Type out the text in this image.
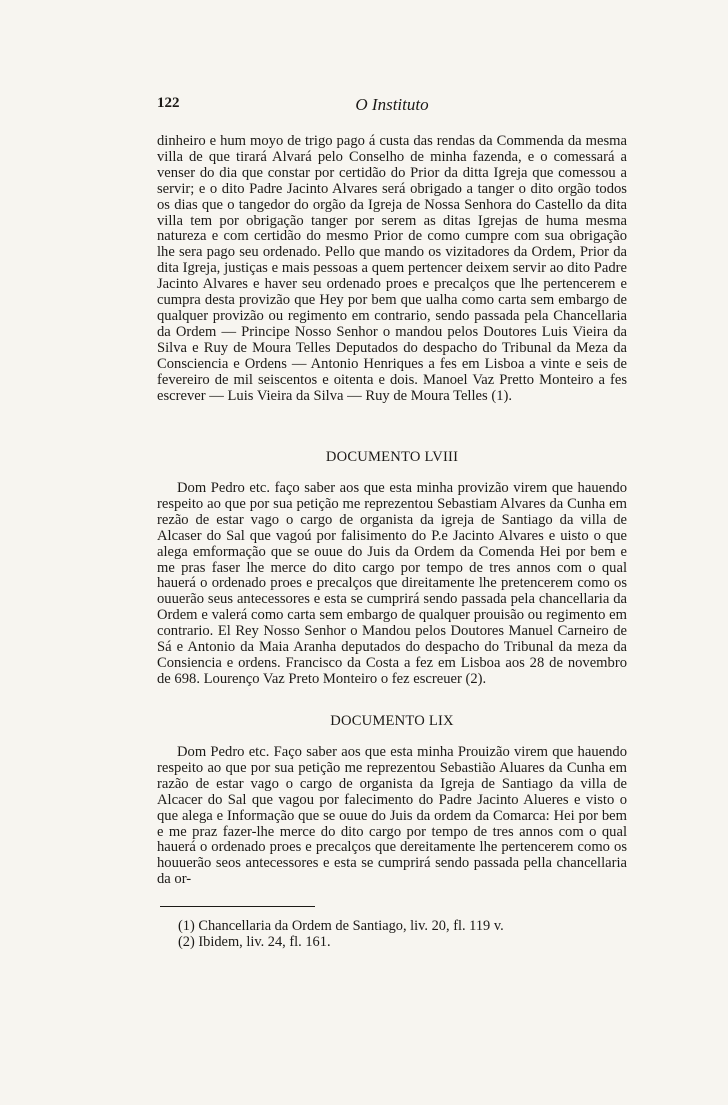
122	O Instituto

dinheiro e hum moyo de trigo pago á custa das rendas da Commenda da mesma villa de que tirará Alvará pelo Conselho de minha fazenda, e o comessará a venser do dia que constar por certidão do Prior da ditta Igreja que comessou a servir; e o dito Padre Jacinto Alvares será obrigado a tanger o dito orgão todos os dias que o tangedor do orgão da Igreja de Nossa Senhora do Castello da dita villa tem por obrigação tanger por serem as ditas Igrejas de huma mesma natureza e com certidão do mesmo Prior de como cumpre com sua obrigação lhe sera pago seu ordenado. Pello que mando os vizitadores da Ordem, Prior da dita Igreja, justiças e mais pessoas a quem pertencer deixem servir ao dito Padre Jacinto Alvares e haver seu ordenado proes e precalços que lhe pertencerem e cumpra desta provizão que Hey por bem que ualha como carta sem embargo de qualquer provizão ou regimento em contrario, sendo passada pela Chancellaria da Ordem — Principe Nosso Senhor o mandou pelos Doutores Luis Vieira da Silva e Ruy de Moura Telles Deputados do despacho do Tribunal da Meza da Consciencia e Ordens — Antonio Henriques a fes em Lisboa a vinte e seis de fevereiro de mil seiscentos e oitenta e dois. Manoel Vaz Pretto Monteiro a fes escrever — Luis Vieira da Silva — Ruy de Moura Telles (1).

DOCUMENTO LVIII

Dom Pedro etc. faço saber aos que esta minha provizão virem que hauendo respeito ao que por sua petição me reprezentou Sebastiam Alvares da Cunha em rezão de estar vago o cargo de organista da igreja de Santiago da villa de Alcaser do Sal que vagoú por falisimento do P.e Jacinto Alvares e uisto o que alega emformação que se ouue do Juis da Ordem da Comenda Hei por bem e me pras faser lhe merce do dito cargo por tempo de tres annos com o qual hauerá o ordenado proes e precalços que direitamente lhe pretencerem como os ouuerão seus antecessores e esta se cumprirá sendo passada pela chancellaria da Ordem e valerá como carta sem embargo de qualquer prouisão ou regimento em contrario. El Rey Nosso Senhor o Mandou pelos Doutores Manuel Carneiro de Sá e Antonio da Maia Aranha deputados do despacho do Tribunal da meza da Consiencia e ordens. Francisco da Costa a fez em Lisboa aos 28 de novembro de 698. Lourenço Vaz Preto Monteiro o fez escreuer (2).

DOCUMENTO LIX

Dom Pedro etc. Faço saber aos que esta minha Prouizão virem que hauendo respeito ao que por sua petição me reprezentou Sebastião Aluares da Cunha em razão de estar vago o cargo de organista da Igreja de Santiago da villa de Alcacer do Sal que vagou por falecimento do Padre Jacinto Alueres e visto o que alega e Informação que se ouue do Juis da ordem da Comarca: Hei por bem e me praz fazer-lhe merce do dito cargo por tempo de tres annos com o qual hauerá o ordenado proes e precalços que dereitamente lhe pertencerem como os houuerão seos antecessores e esta se cumprirá sendo passada pella chancellaria da or-

(1) Chancellaria da Ordem de Santiago, liv. 20, fl. 119 v.
(2) Ibidem, liv. 24, fl. 161.
